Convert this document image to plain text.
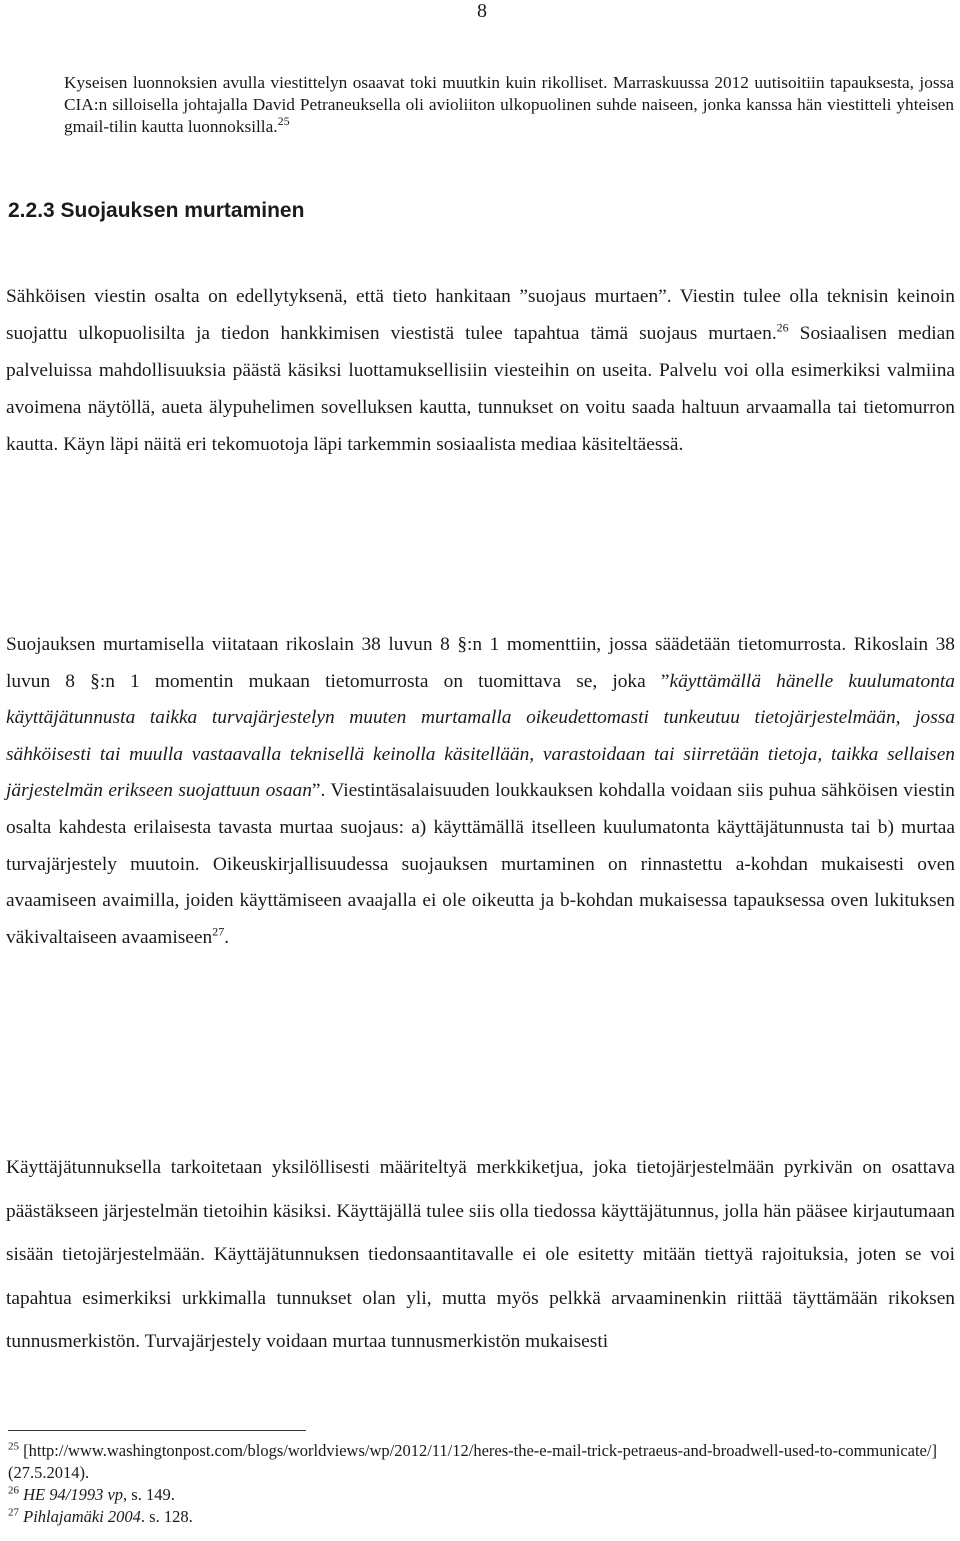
8

Kyseisen luonnoksien avulla viestittelyn osaavat toki muutkin kuin rikolliset. Marraskuussa 2012 uutisoitiin tapauksesta, jossa CIA:n silloisella johtajalla David Petraneuksella oli avioliiton ulkopuolinen suhde naiseen, jonka kanssa hän viestitteli yhteisen gmail-tilin kautta luonnoksilla.$^{25}$

2.2.3 Suojauksen murtaminen

Sähköisen viestin osalta on edellytyksenä, että tieto hankitaan ”suojaus murtaen”. Viestin tulee olla teknisin keinoin suojattu ulkopuolisilta ja tiedon hankkimisen viestistä tulee tapahtua tämä suojaus murtaen.$^{26}$ Sosiaalisen median palveluissa mahdollisuuksia päästä käsiksi luottamuksellisiin viesteihin on useita. Palvelu voi olla esimerkiksi valmiina avoimena näytöllä, aueta älypuhelimen sovelluksen kautta, tunnukset on voitu saada haltuun arvaamalla tai tietomurron kautta. Käyn läpi näitä eri tekomuotoja läpi tarkemmin sosiaalista mediaa käsiteltäessä.

Suojauksen murtamisella viitataan rikoslain 38 luvun 8 §:n 1 momenttiin, jossa säädetään tietomurrosta. Rikoslain 38 luvun 8 §:n 1 momentin mukaan tietomurrosta on tuomittava se, joka ”käyttämällä hänelle kuulumatonta käyttäjätunnusta taikka turvajärjestelyn muuten murtamalla oikeudettomasti tunkeutuu tietojärjestelmään, jossa sähköisesti tai muulla vastaavalla teknisellä keinolla käsitellään, varastoidaan tai siirretään tietoja, taikka sellaisen järjestelmän erikseen suojattuun osaan”. Viestintäsalaisuuden loukkauksen kohdalla voidaan siis puhua sähköisen viestin osalta kahdesta erilaisesta tavasta murtaa suojaus: a) käyttämällä itselleen kuulumatonta käyttäjätunnusta tai b) murtaa turvajärjestely muutoin. Oikeuskirjallisuudessa suojauksen murtaminen on rinnastettu a-kohdan mukaisesti oven avaamiseen avaimilla, joiden käyttämiseen avaajalla ei ole oikeutta ja b-kohdan mukaisessa tapauksessa oven lukituksen väkivaltaiseen avaamiseen$^{27}$.

Käyttäjätunnuksella tarkoitetaan yksilöllisesti määriteltyä merkkiketjua, joka tietojärjestelmään pyrkivän on osattava päästäkseen järjestelmän tietoihin käsiksi. Käyttäjällä tulee siis olla tiedossa käyttäjätunnus, jolla hän pääsee kirjautumaan sisään tietojärjestelmään. Käyttäjätunnuksen tiedonsaantitavalle ei ole esitetty mitään tiettyä rajoituksia, joten se voi tapahtua esimerkiksi urkkimalla tunnukset olan yli, mutta myös pelkkä arvaaminenkin riittää täyttämään rikoksen tunnusmerkistön. Turvajärjestely voidaan murtaa tunnusmerkistön mukaisesti

$^{25}$ [http://www.washingtonpost.com/blogs/worldviews/wp/2012/11/12/heres-the-e-mail-trick-petraeus-and-broadwell-used-to-communicate/] (27.5.2014).

$^{26}$ HE 94/1993 vp, s. 149.

$^{27}$ Pihlajamäki 2004. s. 128.
